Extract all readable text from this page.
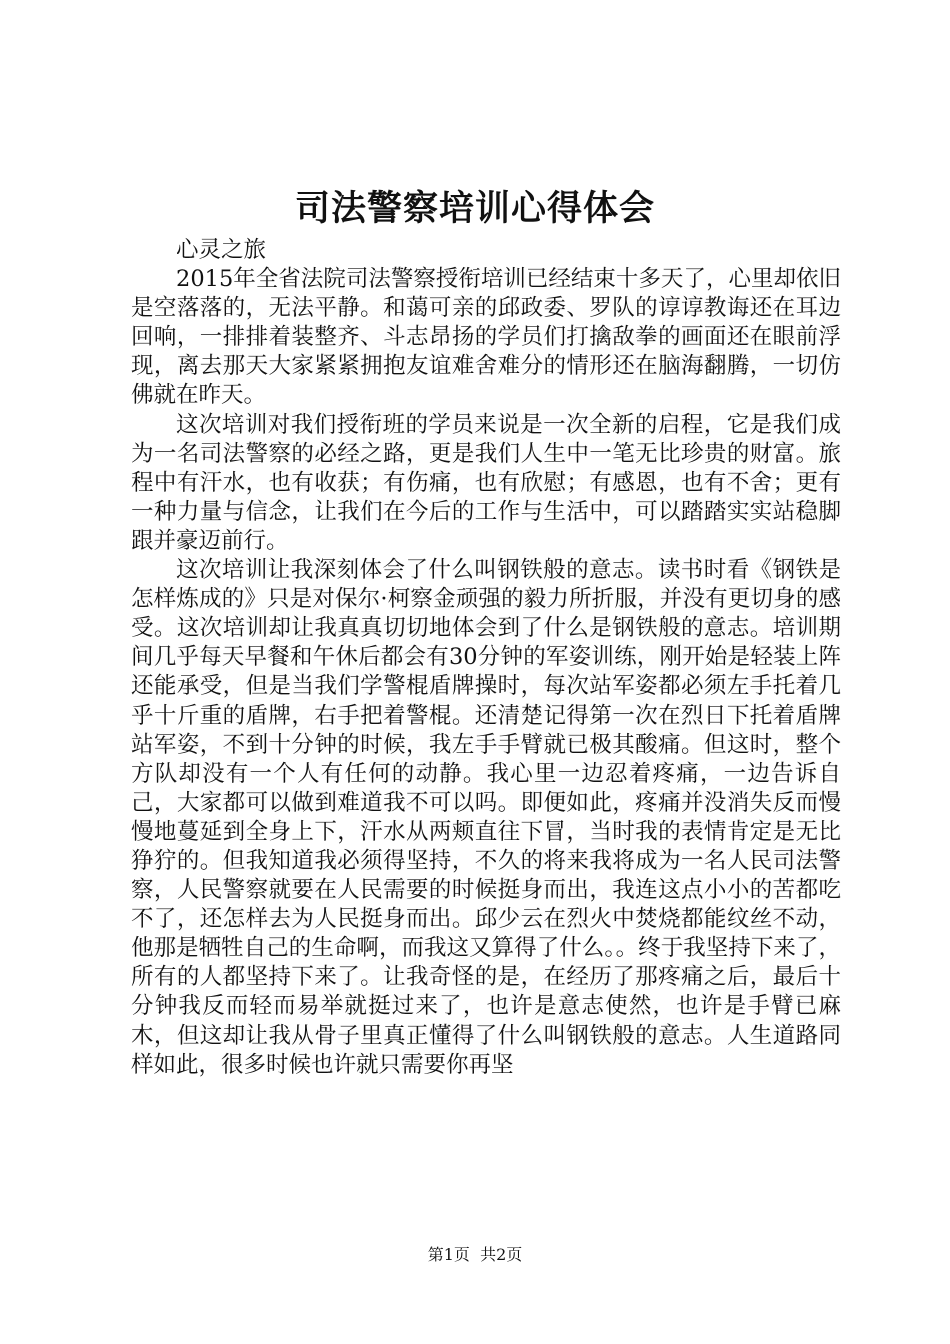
司法警察培训心得体会

心灵之旅

2015年全省法院司法警察授衔培训已经结束十多天了，心里却依旧是空落落的，无法平静。和蔼可亲的邱政委、罗队的谆谆教诲还在耳边回响，一排排着装整齐、斗志昂扬的学员们打擒敌拳的画面还在眼前浮现，离去那天大家紧紧拥抱友谊难舍难分的情形还在脑海翻腾，一切仿佛就在昨天。

这次培训对我们授衔班的学员来说是一次全新的启程，它是我们成为一名司法警察的必经之路，更是我们人生中一笔无比珍贵的财富。旅程中有汗水，也有收获；有伤痛，也有欣慰；有感恩，也有不舍；更有一种力量与信念，让我们在今后的工作与生活中，可以踏踏实实站稳脚跟并豪迈前行。

这次培训让我深刻体会了什么叫钢铁般的意志。读书时看《钢铁是怎样炼成的》只是对保尔·柯察金顽强的毅力所折服，并没有更切身的感受。这次培训却让我真真切切地体会到了什么是钢铁般的意志。培训期间几乎每天早餐和午休后都会有30分钟的军姿训练，刚开始是轻装上阵还能承受，但是当我们学警棍盾牌操时，每次站军姿都必须左手托着几乎十斤重的盾牌，右手把着警棍。还清楚记得第一次在烈日下托着盾牌站军姿，不到十分钟的时候，我左手手臂就已极其酸痛。但这时，整个方队却没有一个人有任何的动静。我心里一边忍着疼痛，一边告诉自己，大家都可以做到难道我不可以吗。即便如此，疼痛并没消失反而慢慢地蔓延到全身上下，汗水从两颊直往下冒，当时我的表情肯定是无比狰狞的。但我知道我必须得坚持，不久的将来我将成为一名人民司法警察，人民警察就要在人民需要的时候挺身而出，我连这点小小的苦都吃不了，还怎样去为人民挺身而出。邱少云在烈火中焚烧都能纹丝不动，他那是牺牲自己的生命啊，而我这又算得了什么。。终于我坚持下来了，所有的人都坚持下来了。让我奇怪的是，在经历了那疼痛之后，最后十分钟我反而轻而易举就挺过来了，也许是意志使然，也许是手臂已麻木，但这却让我从骨子里真正懂得了什么叫钢铁般的意志。人生道路同样如此，很多时候也许就只需要你再坚

第1页 共2页
